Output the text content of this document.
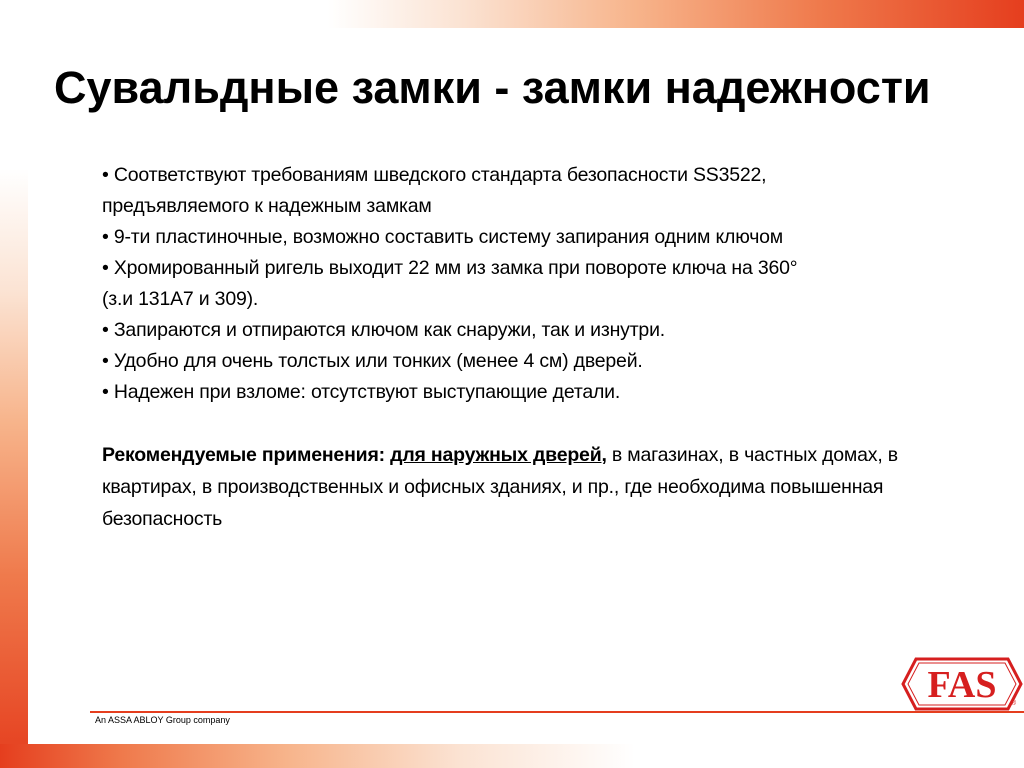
Сувальдные замки - замки надежности

• Соответствуют требованиям шведского стандарта безопасности SS3522,

предъявляемого к надежным замкам

• 9-ти пластиночные, возможно составить систему запирания одним ключом

• Хромированный ригель выходит 22 мм из замка при повороте ключа на 360°

(з.и 131А7 и 309).

• Запираются и отпираются ключом как снаружи, так и изнутри.

• Удобно для очень толстых или тонких (менее 4 см) дверей.

• Надежен при взломе: отсутствуют выступающие детали.

Рекомендуемые применения: для наружных дверей, в магазинах, в частных домах, в

квартирах, в производственных и офисных зданиях, и пр., где необходима повышенная

безопасность

FAS ®
An ASSA ABLOY Group company
